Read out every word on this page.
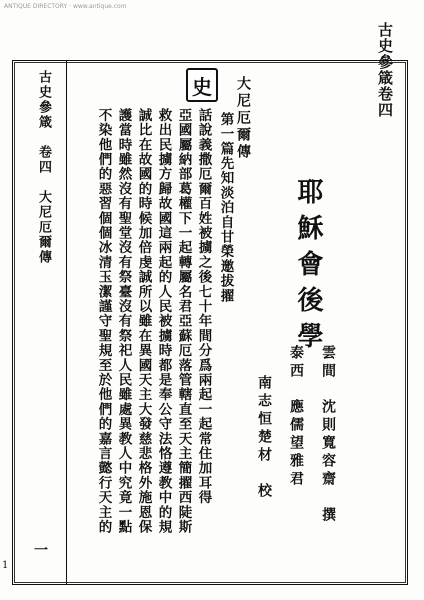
ANTIQUE DIRECTORY · www.antique.com
古史參箴卷四
古史參箴　卷四　大尼厄爾傳
一
1
耶穌會後學
雲間　沈則寬容齋　撰
泰西　應儒望雅君
南志恒楚材　校
大尼厄爾傳
第一篇先知淡泊自甘榮邀拔擢
史
話說義撒厄爾百姓被擄之後七十年間分爲兩起一起常住加耳得
亞國屬納部葛權下一起轉屬名君亞蘇厄落管轄直至天主簡擢西陡斯
救出民擄方歸故國這兩起的人民被擄時都是奉公守法恪遵教中的規
誠比在故國的時候加倍虔誠所以雖在異國天主大發慈悲格外施恩保
護當時雖然沒有聖堂沒有祭臺沒有祭祀人民雖處異教人中究竟一點
不染他們的惡習個個冰清玉潔謹守聖規至於他們的嘉言懿行天主的
